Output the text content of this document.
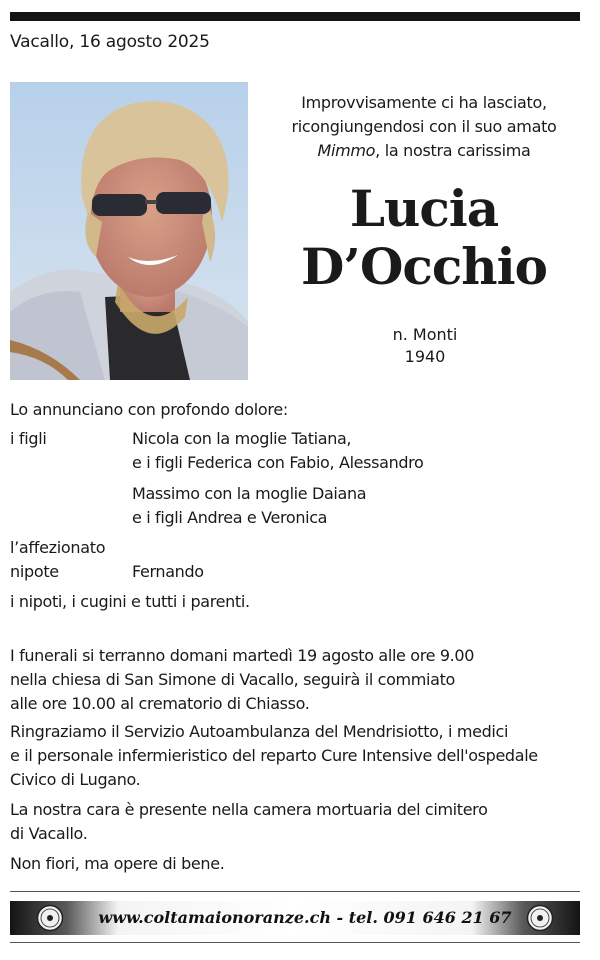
Vacallo, 16 agosto 2025
Improvvisamente ci ha lasciato,
ricongiungendosi con il suo amato
Mimmo, la nostra carissima
Lucia
D’Occhio
n. Monti
1940
Lo annunciano con profondo dolore:
i figli	Nicola con la moglie Tatiana,
e i figli Federica con Fabio, Alessandro
Massimo con la moglie Daiana
e i figli Andrea e Veronica
l’affezionato
nipote	Fernando
i nipoti, i cugini e tutti i parenti.
I funerali si terranno domani martedì 19 agosto alle ore 9.00
nella chiesa di San Simone di Vacallo, seguirà il commiato
alle ore 10.00 al crematorio di Chiasso.
Ringraziamo il Servizio Autoambulanza del Mendrisiotto, i medici
e il personale infermieristico del reparto Cure Intensive dell'ospedale
Civico di Lugano.
La nostra cara è presente nella camera mortuaria del cimitero
di Vacallo.
Non fiori, ma opere di bene.
www.coltamaionoranze.ch - tel. 091 646 21 67
